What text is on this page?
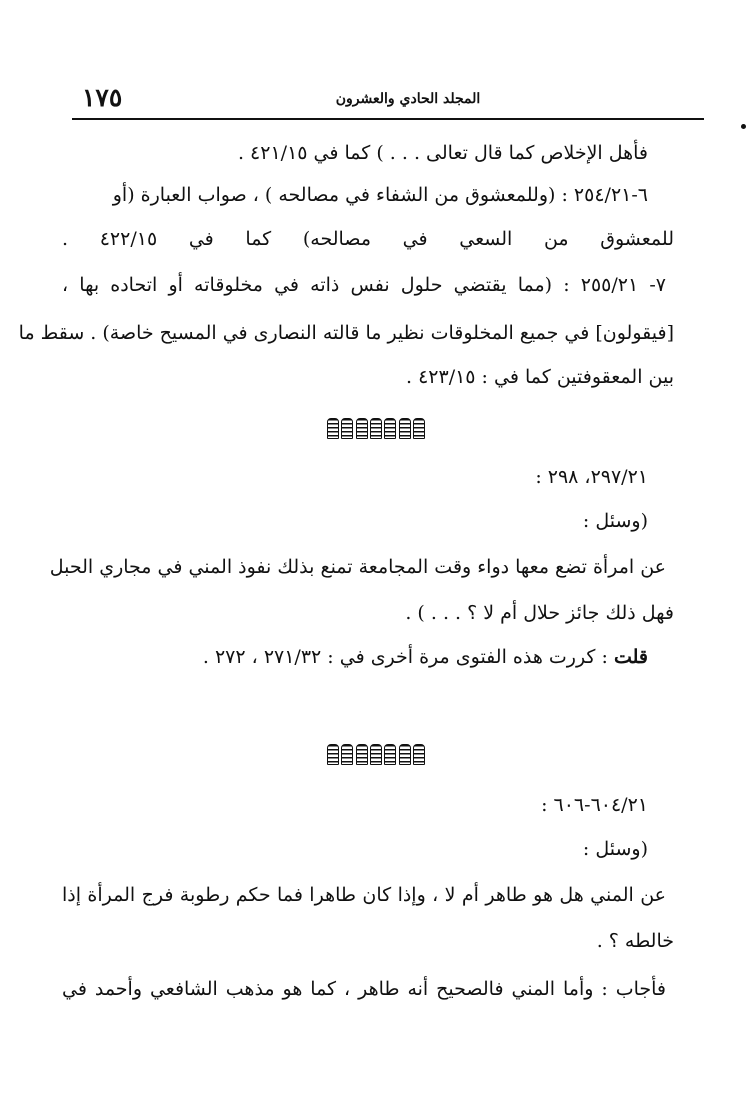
١٧٥	المجلد الحادي والعشرون
فأهل الإخلاص كما قال تعالى . . . ) كما في ٤٢١/١٥ .
٦-٢٥٤/٢١ : (وللمعشوق من الشفاء في مصالحه ) ، صواب العبارة (أو
للمعشوق من السعي في مصالحه) كما في ٤٢٢/١٥ .
٧- ٢٥٥/٢١ : (مما يقتضي حلول نفس ذاته في مخلوقاته أو اتحاده بها ،
[فيقولون] في جميع المخلوقات نظير ما قالته النصارى في المسيح خاصة) . سقط ما
بين المعقوفتين كما في : ٤٢٣/١٥ .
٢٩٧/٢١، ٢٩٨ :
(وسئل :
عن امرأة تضع معها دواء وقت المجامعة تمنع بذلك نفوذ المني في مجاري الحبل
فهل ذلك جائز حلال أم لا ؟ . . . ) .
قلت : كررت هذه الفتوى مرة أخرى في : ٢٧١/٣٢ ، ٢٧٢ .
٦٠٤/٢١-٦٠٦ :
(وسئل :
عن المني هل هو طاهر أم لا ، وإذا كان طاهرا فما حكم رطوبة فرج المرأة إذا
خالطه ؟ .
فأجاب : وأما المني فالصحيح أنه طاهر ، كما هو مذهب الشافعي وأحمد في
